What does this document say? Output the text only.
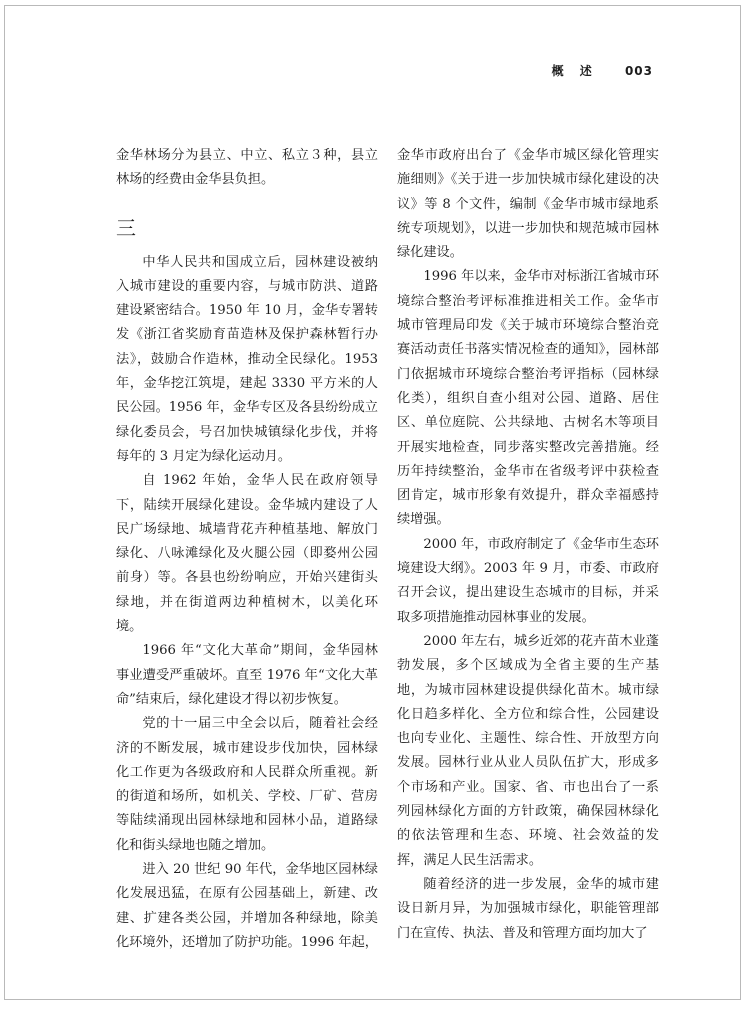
概 述 003

金华林场分为县立、中立、私立３种，县立林场的经费由金华县负担。

三

中华人民共和国成立后，园林建设被纳入城市建设的重要内容，与城市防洪、道路建设紧密结合。1950 年 10 月，金华专署转发《浙江省奖励育苗造林及保护森林暂行办法》，鼓励合作造林，推动全民绿化。1953 年，金华挖江筑堤，建起 3330 平方米的人民公园。1956 年，金华专区及各县纷纷成立绿化委员会，号召加快城镇绿化步伐，并将每年的 3 月定为绿化运动月。

自 1962 年始，金华人民在政府领导下，陆续开展绿化建设。金华城内建设了人民广场绿地、城墙背花卉种植基地、解放门绿化、八咏滩绿化及火腿公园（即婺州公园前身）等。各县也纷纷响应，开始兴建街头绿地，并在街道两边种植树木，以美化环境。

1966 年“文化大革命”期间，金华园林事业遭受严重破坏。直至 1976 年“文化大革命”结束后，绿化建设才得以初步恢复。

党的十一届三中全会以后，随着社会经济的不断发展，城市建设步伐加快，园林绿化工作更为各级政府和人民群众所重视。新的街道和场所，如机关、学校、厂矿、营房等陆续涌现出园林绿地和园林小品，道路绿化和街头绿地也随之增加。

进入 20 世纪 90 年代，金华地区园林绿化发展迅猛，在原有公园基础上，新建、改建、扩建各类公园，并增加各种绿地，除美化环境外，还增加了防护功能。1996 年起，

金华市政府出台了《金华市城区绿化管理实施细则》《关于进一步加快城市绿化建设的决议》等 8 个文件，编制《金华市城市绿地系统专项规划》，以进一步加快和规范城市园林绿化建设。

1996 年以来，金华市对标浙江省城市环境综合整治考评标准推进相关工作。金华市城市管理局印发《关于城市环境综合整治竞赛活动责任书落实情况检查的通知》，园林部门依据城市环境综合整治考评指标（园林绿化类），组织自查小组对公园、道路、居住区、单位庭院、公共绿地、古树名木等项目开展实地检查，同步落实整改完善措施。经历年持续整治，金华市在省级考评中获检查团肯定，城市形象有效提升，群众幸福感持续增强。

2000 年，市政府制定了《金华市生态环境建设大纲》。2003 年 9 月，市委、市政府召开会议，提出建设生态城市的目标，并采取多项措施推动园林事业的发展。

2000 年左右，城乡近郊的花卉苗木业蓬勃发展，多个区域成为全省主要的生产基地，为城市园林建设提供绿化苗木。城市绿化日趋多样化、全方位和综合性，公园建设也向专业化、主题性、综合性、开放型方向发展。园林行业从业人员队伍扩大，形成多个市场和产业。国家、省、市也出台了一系列园林绿化方面的方针政策，确保园林绿化的依法管理和生态、环境、社会效益的发挥，满足人民生活需求。

随着经济的进一步发展，金华的城市建设日新月异，为加强城市绿化，职能管理部门在宣传、执法、普及和管理方面均加大了
